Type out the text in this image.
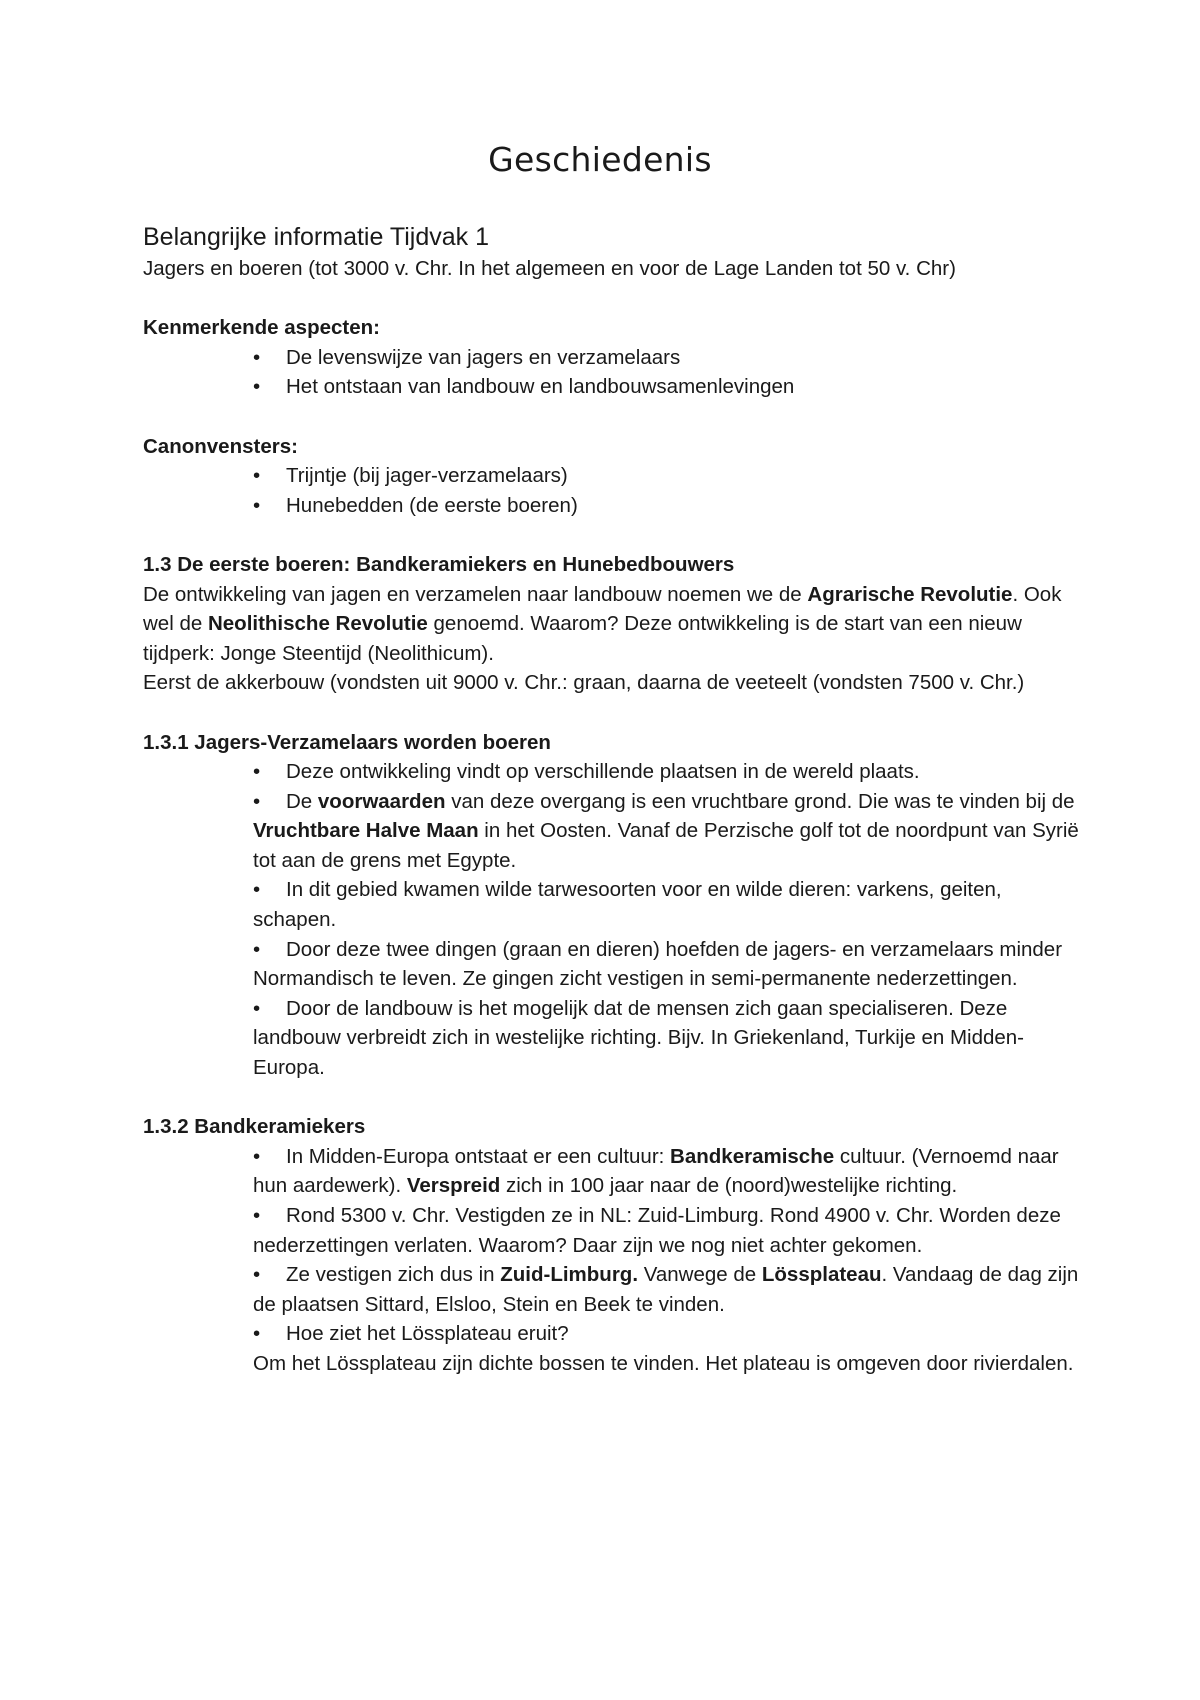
Geschiedenis
Belangrijke informatie Tijdvak 1

Jagers en boeren (tot 3000 v. Chr. In het algemeen en voor de Lage Landen tot 50 v. Chr)

Kenmerkende aspecten:

• De levenswijze van jagers en verzamelaars
• Het ontstaan van landbouw en landbouwsamenlevingen

Canonvensters:

• Trijntje (bij jager-verzamelaars)
• Hunebedden (de eerste boeren)

1.3 De eerste boeren: Bandkeramiekers en Hunebedbouwers

De ontwikkeling van jagen en verzamelen naar landbouw noemen we de Agrarische Revolutie. Ook wel de Neolithische Revolutie genoemd. Waarom? Deze ontwikkeling is de start van een nieuw tijdperk: Jonge Steentijd (Neolithicum).

Eerst de akkerbouw (vondsten uit 9000 v. Chr.: graan, daarna de veeteelt (vondsten 7500 v. Chr.)

1.3.1 Jagers-Verzamelaars worden boeren

• Deze ontwikkeling vindt op verschillende plaatsen in de wereld plaats.
• De voorwaarden van deze overgang is een vruchtbare grond. Die was te vinden bij de Vruchtbare Halve Maan in het Oosten. Vanaf de Perzische golf tot de noordpunt van Syrië tot aan de grens met Egypte.
• In dit gebied kwamen wilde tarwesoorten voor en wilde dieren: varkens, geiten, schapen.
• Door deze twee dingen (graan en dieren) hoefden de jagers- en verzamelaars minder Normandisch te leven. Ze gingen zicht vestigen in semi-permanente nederzettingen.
• Door de landbouw is het mogelijk dat de mensen zich gaan specialiseren. Deze landbouw verbreidt zich in westelijke richting. Bijv. In Griekenland, Turkije en Midden-Europa.

1.3.2 Bandkeramiekers

• In Midden-Europa ontstaat er een cultuur: Bandkeramische cultuur. (Vernoemd naar hun aardewerk). Verspreid zich in 100 jaar naar de (noord)westelijke richting.
• Rond 5300 v. Chr. Vestigden ze in NL: Zuid-Limburg. Rond 4900 v. Chr. Worden deze nederzettingen verlaten. Waarom? Daar zijn we nog niet achter gekomen.
• Ze vestigen zich dus in Zuid-Limburg. Vanwege de Lössplateau. Vandaag de dag zijn de plaatsen Sittard, Elsloo, Stein en Beek te vinden.
• Hoe ziet het Lössplateau eruit?

Om het Lössplateau zijn dichte bossen te vinden. Het plateau is omgeven door rivierdalen.
